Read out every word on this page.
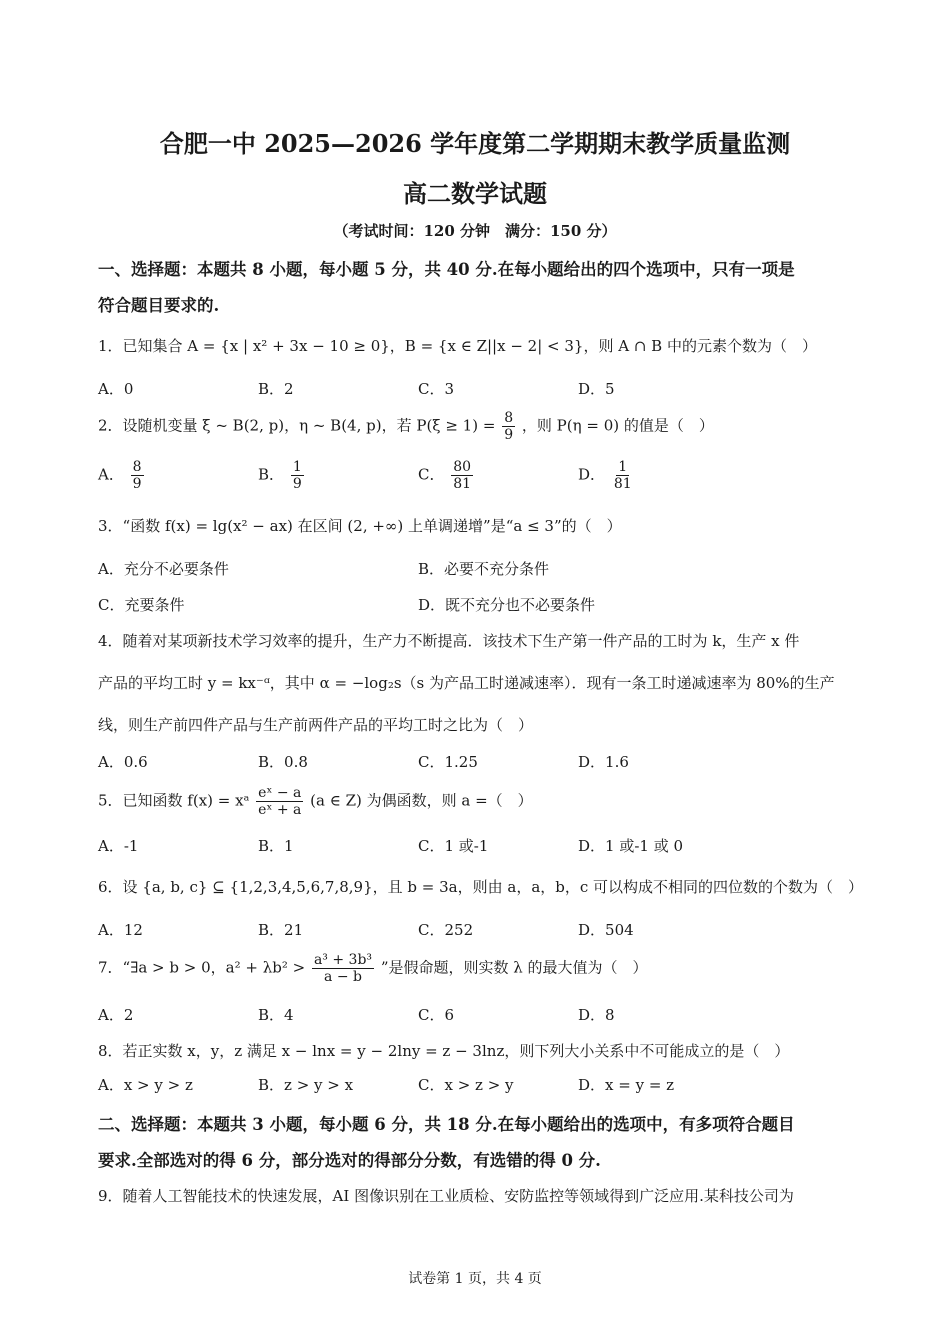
合肥一中 2025—2026 学年度第二学期期末教学质量监测
高二数学试题
（考试时间：120 分钟　满分：150 分）
一、选择题：本题共 8 小题，每小题 5 分，共 40 分.在每小题给出的四个选项中，只有一项是
符合题目要求的.
1．已知集合 A = {x | x² + 3x − 10 ≥ 0}，B = {x ∈ Z||x − 2| < 3}，则 A ∩ B 中的元素个数为（　）
A．0	B．2	C．3	D．5
2．设随机变量 ξ ~ B(2, p)，η ~ B(4, p)，若 $P(\xi \ge 1) = \frac{8}{9}$ ，则 P(η = 0) 的值是（　）
A． $\frac{8}{9}$	B． $\frac{1}{9}$	C． $\frac{80}{81}$	D． $\frac{1}{81}$
3．“函数 f(x) = lg(x² − ax) 在区间 (2, +∞) 上单调递增”是“a ≤ 3”的（　）
A．充分不必要条件	B．必要不充分条件
C．充要条件	D．既不充分也不必要条件
4．随着对某项新技术学习效率的提升，生产力不断提高．该技术下生产第一件产品的工时为 k，生产 x 件
产品的平均工时 y = kx⁻ᵅ，其中 α = −log₂s（s 为产品工时递减速率）．现有一条工时递减速率为 80%的生产
线，则生产前四件产品与生产前两件产品的平均工时之比为（　）
A．0.6	B．0.8	C．1.25	D．1.6
5．已知函数 f(x) = xᵃ $\frac{\text{eˣ − a}}{\text{eˣ + a}} (a$ ∈ Z) 为偶函数，则 a =（　）
A．-1	B．1	C．1 或-1	D．1 或-1 或 0
6．设 {a, b, c} ⊆ {1,2,3,4,5,6,7,8,9}，且 b = 3a，则由 a，a，b，c 可以构成不相同的四位数的个数为（　）
A．12	B．21	C．252	D．504
7．“∃a > b > 0，$a^2 + \lambda b^2 > \frac{\text{a³ + 3b³}}{a - b}$ ”是假命题，则实数 λ 的最大值为（　）
A．2	B．4	C．6	D．8
8．若正实数 x，y，z 满足 x − lnx = y − 2lny = z − 3lnz，则下列大小关系中不可能成立的是（　）
A．x > y > z	B．z > y > x	C．x > z > y	D．x = y = z
二、选择题：本题共 3 小题，每小题 6 分，共 18 分.在每小题给出的选项中，有多项符合题目
要求.全部选对的得 6 分，部分选对的得部分分数，有选错的得 0 分.
9．随着人工智能技术的快速发展，AI 图像识别在工业质检、安防监控等领域得到广泛应用.某科技公司为
试卷第 1 页，共 4 页
